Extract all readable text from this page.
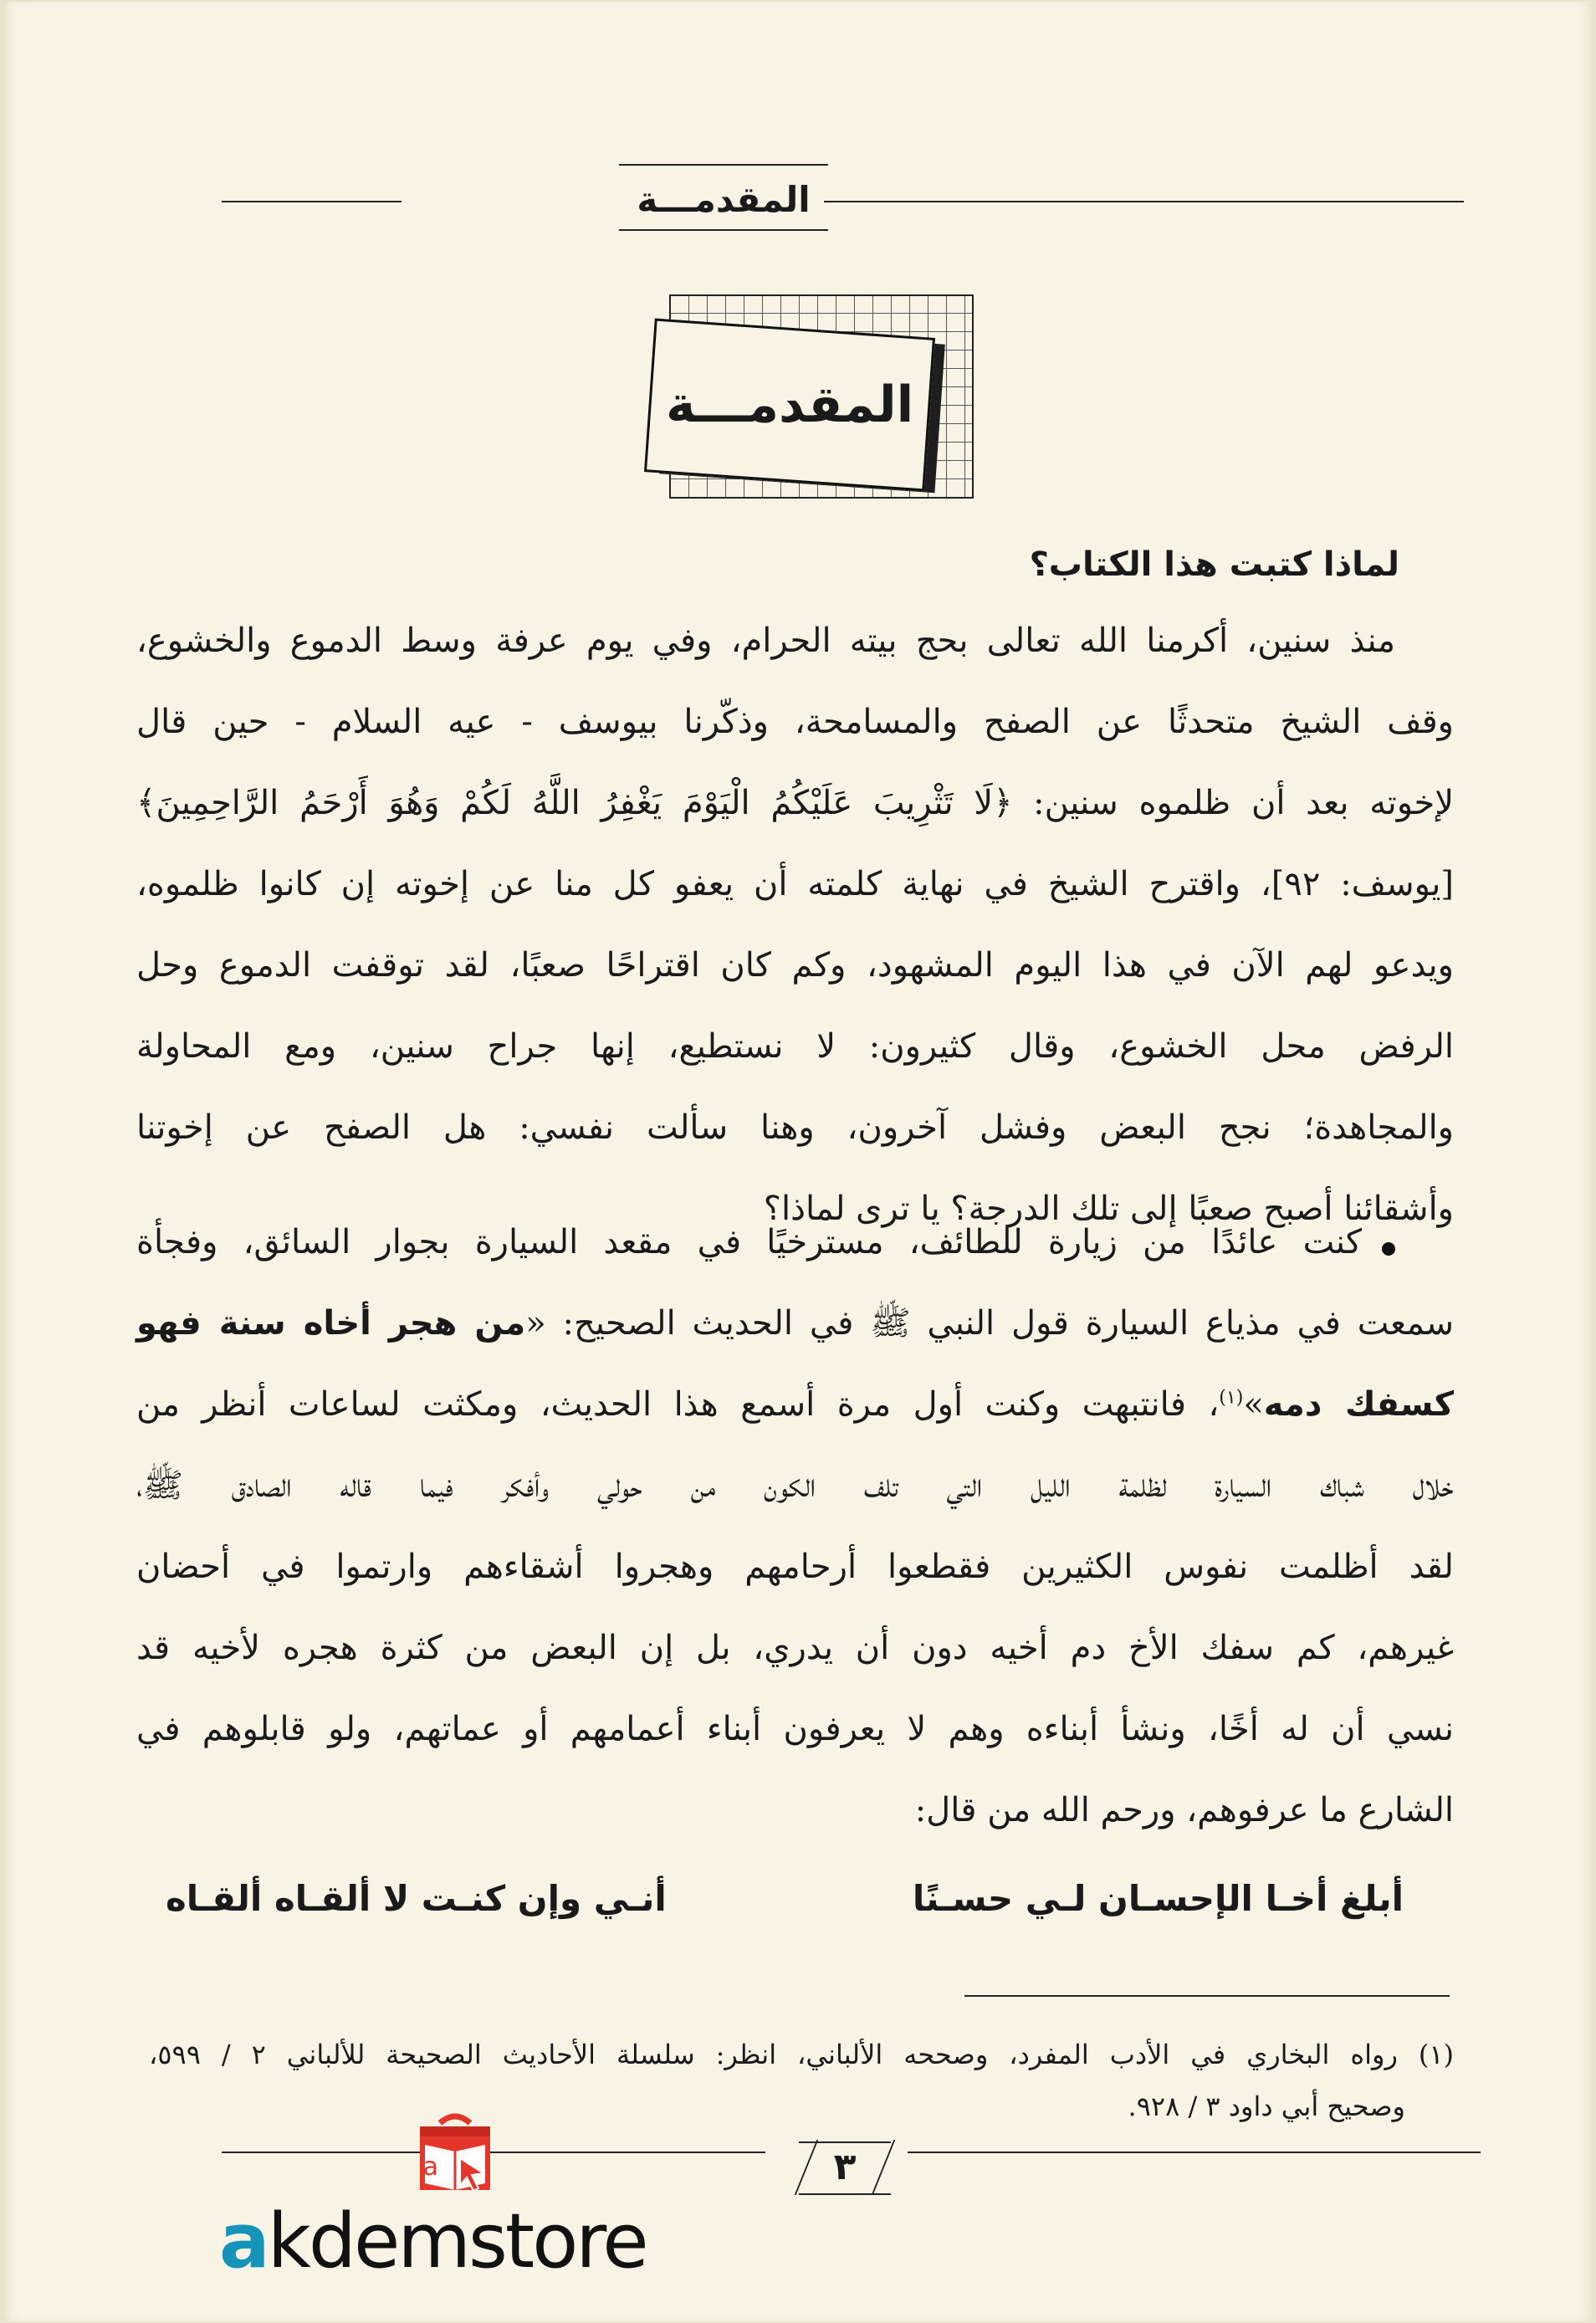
المقدمـــة
المقدمـــة
لماذا كتبت هذا الكتاب؟
منذ سنين، أكرمنا الله تعالى بحج بيته الحرام، وفي يوم عرفة وسط الدموع والخشوع،
وقف الشيخ متحدثًا عن الصفح والمسامحة، وذكّرنا بيوسف - عيه السلام - حين قال
لإخوته بعد أن ظلموه سنين: ﴿لَا تَثْرِيبَ عَلَيْكُمُ الْيَوْمَ يَغْفِرُ اللَّهُ لَكُمْ وَهُوَ أَرْحَمُ الرَّاحِمِينَ﴾
[يوسف: ٩٢]، واقترح الشيخ في نهاية كلمته أن يعفو كل منا عن إخوته إن كانوا ظلموه،
ويدعو لهم الآن في هذا اليوم المشهود، وكم كان اقتراحًا صعبًا، لقد توقفت الدموع وحل
الرفض محل الخشوع، وقال كثيرون: لا نستطيع، إنها جراح سنين، ومع المحاولة
والمجاهدة؛ نجح البعض وفشل آخرون، وهنا سألت نفسي: هل الصفح عن إخوتنا
وأشقائنا أصبح صعبًا إلى تلك الدرجة؟ يا ترى لماذا؟
كنت عائدًا من زيارة للطائف، مسترخيًا في مقعد السيارة بجوار السائق، وفجأة
سمعت في مذياع السيارة قول النبي ﷺ في الحديث الصحيح: «من هجر أخاه سنة فهو
كسفك دمه»$^{(١)}$، فانتبهت وكنت أول مرة أسمع هذا الحديث، ومكثت لساعات أنظر من
خلال شباك السيارة لظلمة الليل التي تلف الكون من حولي وأفكر فيما قاله الصادق ﷺ،
لقد أظلمت نفوس الكثيرين فقطعوا أرحامهم وهجروا أشقاءهم وارتموا في أحضان
غيرهم، كم سفك الأخ دم أخيه دون أن يدري، بل إن البعض من كثرة هجره لأخيه قد
نسي أن له أخًا، ونشأ أبناءه وهم لا يعرفون أبناء أعمامهم أو عماتهم، ولو قابلوهم في
الشارع ما عرفوهم، ورحم الله من قال:
أبلغ أخـا الإحسـان لـي حسـنًا
أنـي وإن كنـت لا ألقـاه ألقـاه
(١) رواه البخاري في الأدب المفرد، وصححه الألباني، انظر: سلسلة الأحاديث الصحيحة للألباني ٢ / ٥٩٩،
وصحيح أبي داود ٣ / ٩٢٨.
٣
a
akdemstore
